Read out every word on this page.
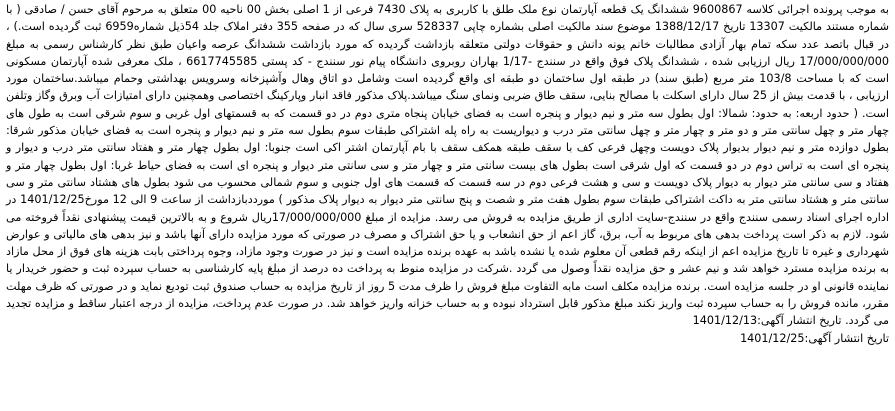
به موجب پرونده اجرائی کلاسه 9600867 ششدانگ یک قطعه آپارتمان نوع ملک طلق با کاربری به پلاک 7430 فرعی از 1 اصلی بخش 00 ناحیه 00 متعلق به مرحوم آقای حسن / صادقی ( با شماره مستند مالکیت 13307 تاریخ 1388/12/17 موضوع سند مالکیت اصلی بشماره چاپی 528337 سری سال که در صفحه 355 دفتر املاک جلد 54ذیل شماره6959 ثبت گردیده است.) ، در قبال باتصد عدد سکه تمام بهار آزادی مطالبات خانم یونه دانش و حقوقات دولتی متعلقه بازداشت گردیده که مورد بازداشت ششدانگ عرصه واعیان طبق نظر کارشناس رسمی به مبلغ 17/000/000/000 ریال ارزیابی شده ، ششدانگ پلاک فوق واقع در سنندج -1/17 بهاران روبروی دانشگاه پیام نور سنندج - کد پستی 6617745585 ، ملک معرفی شده آپارتمان مسکونی است که با مساحت 103/8 متر مربع (طبق سند) در طبقه اول ساختمان دو طبقه ای واقع گردیده است وشامل دو اتاق وهال وآشپزخانه وسرویس بهداشتی وحمام میباشد.ساختمان مورد ارزیابی ، با قدمت بیش از 25 سال دارای اسکلت با مصالح بنایی، سقف طاق ضربی ونمای سنگ میباشد.پلاک مذکور فاقد انبار وپارکینگ اختصاصی وهمچنین دارای امتیازات آب وبرق وگاز وتلفن است. ( حدود اربعه: به حدود: شمالا: اول بطول سه متر و نیم دیوار و پنجره است به فضای خیابان پنجاه متری دوم در دو قسمت که به قسمتهای اول غربی و سوم شرقی است به طول های چهار متر و چهل سانتی متر و دو متر و چهار متر و چهل سانتی متر درب و دیواریست به راه پله اشتراکی طبقات سوم بطول سه متر و نیم دیوار و پنجره است به فضای خیابان مذکور شرقا: بطول دوازده متر و نیم دیوار بدیوار پلاک دویست وچهل فرعی کف با سقف طبقه همکف سقف با بام آپارتمان اشتر اکی است جنوبا: اول بطول چهار متر و هفتاد سانتی متر درب و دیوار و پنجره ای است به تراس دوم در دو قسمت که اول شرقی است بطول های بیست سانتی متر و چهار متر و سی سانتی متر دیوار و پنجره ای است به فضای حیاط غربا: اول بطول چهار متر و هفتاد و سی سانتی متر دیوار به دیوار پلاک دویست و سی و هشت فرعی دوم در سه قسمت که قسمت های اول جنوبی و سوم شمالی محسوب می شود بطول های هشتاد سانتی متر و سی سانتی متر و هشتاد سانتی متر به داکت اشتراکی طبقات سوم بطول هفت متر و شصت و پنج سانتی متر دیوار به دیوار پلاک مذکور ) مورددبازداشت از ساعت 9 الی 12 مورخ1401/12/25 در اداره اجرای اسناد رسمی سنندج واقع در سنندج-سایت اداری از طریق مزایده به فروش می رسد. مزایده از مبلغ 17/000/000/000ریال شروع و به بالاترین قیمت پیشنهادی نقداً فروخته می شود. لازم به ذکر است پرداخت بدهی های مربوط به آب، برق، گاز اعم از حق انشعاب و یا حق اشتراک و مصرف در صورتی که مورد مزایده دارای آنها باشد و نیز بدهی های مالیاتی و عوارض شهرداری و غیره تا تاریخ مزایده اعم از اینکه رقم قطعی آن معلوم شده یا نشده باشد به عهده برنده مزایده است و نیز در صورت وجود مازاد، وجوه پرداختی بابت هزینه های فوق از محل مازاد به برنده مزایده مسترد خواهد شد و نیم عشر و حق مزایده نقداً وصول می گردد .شرکت در مزایده منوط به پرداخت ده درصد از مبلغ پایه کارشناسی به حساب سپرده ثبت و حضور خریدار یا نماینده قانونی او در جلسه مزایده است. برنده مزایده مکلف است مابه التفاوت مبلغ فروش را ظرف مدت 5 روز از تاریخ مزایده به حساب صندوق ثبت تودیع نماید و در صورتی که ظرف مهلت مقرر، مانده فروش را به حساب سپرده ثبت واریز نکند مبلغ مذکور قابل استرداد نبوده و به حساب خزانه واریز خواهد شد. در صورت عدم پرداخت، مزایده از درجه اعتبار ساقط و مزایده تجدید می گردد. تاریخ انتشار آگهی:1401/12/13

تاریخ انتشار آگهی:1401/12/25
